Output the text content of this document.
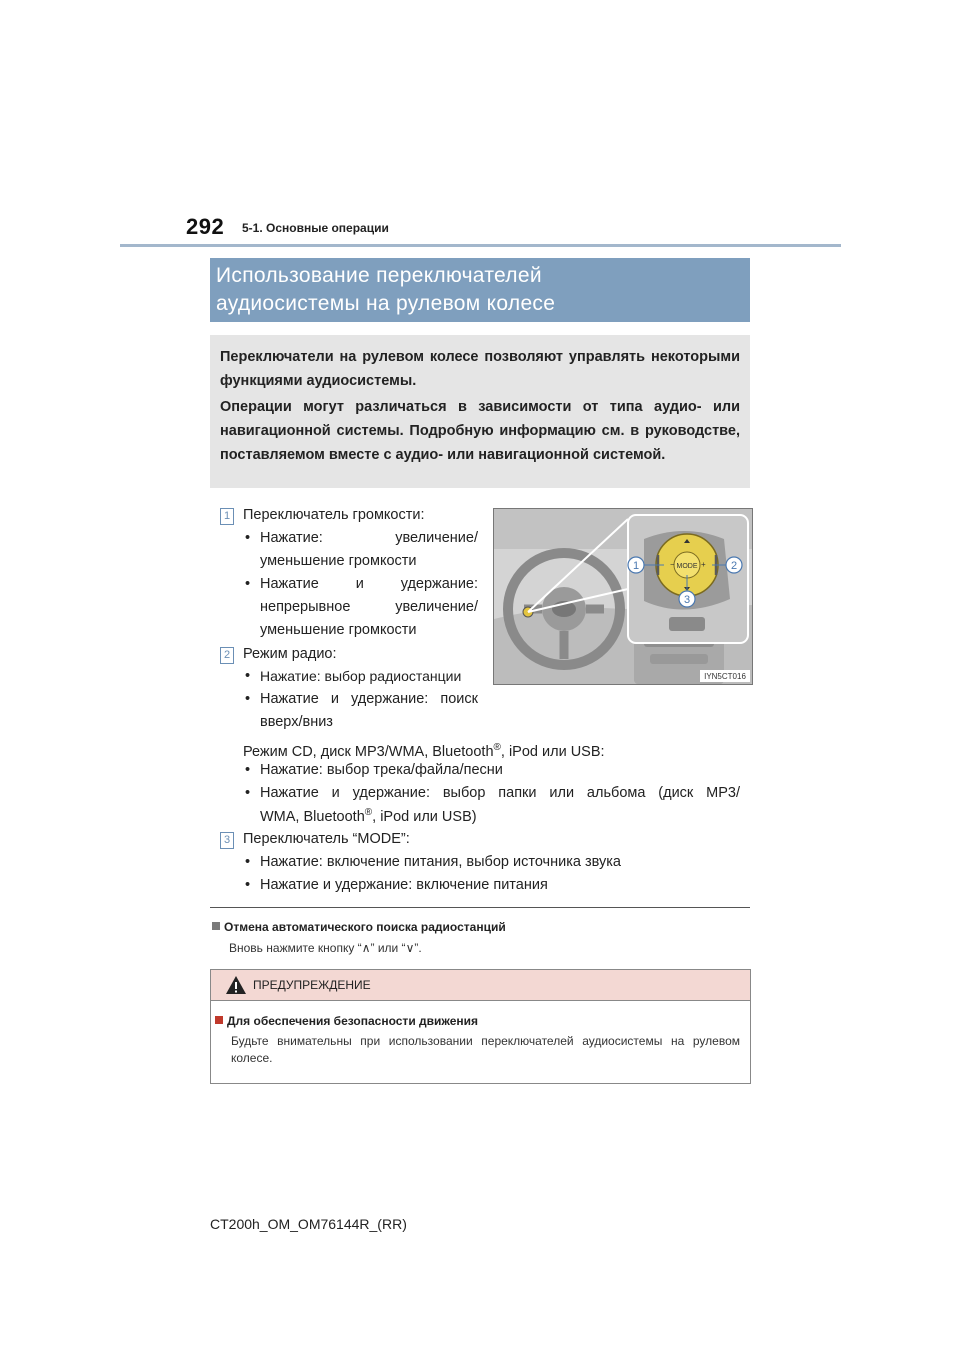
292 5-1. Основные операции
Использование переключателей
аудиосистемы на рулевом колесе

Переключатели на рулевом колесе позволяют управлять некоторыми функциями аудиосистемы.

Операции могут различаться в зависимости от типа аудио- или навигационной системы. Подробную информацию см. в руководстве, поставляемом вместе с аудио- или навигационной системой.

1 Переключатель громкости:
• Нажатие:	увеличение/
уменьшение громкости
• Нажатие	и	удержание:
непрерывное	увеличение/
уменьшение громкости
2 Режим радио:
• Нажатие: выбор радиостанции
• Нажатие и удержание: поиск
вверх/вниз
Режим CD, диск MP3/WMA, Bluetooth®, iPod или USB:
• Нажатие: выбор трека/файла/песни
• Нажатие и удержание: выбор папки или альбома (диск MP3/
WMA, Bluetooth®, iPod или USB)
3 Переключатель “MODE”:
• Нажатие: включение питания, выбор источника звука
• Нажатие и удержание: включение питания
MODE
−	+
1	2
3
IYN5CT016
Отмена автоматического поиска радиостанций
Вновь нажмите кнопку “∧” или “∨”.
ПРЕДУПРЕЖДЕНИЕ
Для обеспечения безопасности движения
Будьте внимательны при использовании переключателей аудиосистемы на рулевом колесе.
CT200h_OM_OM76144R_(RR)
